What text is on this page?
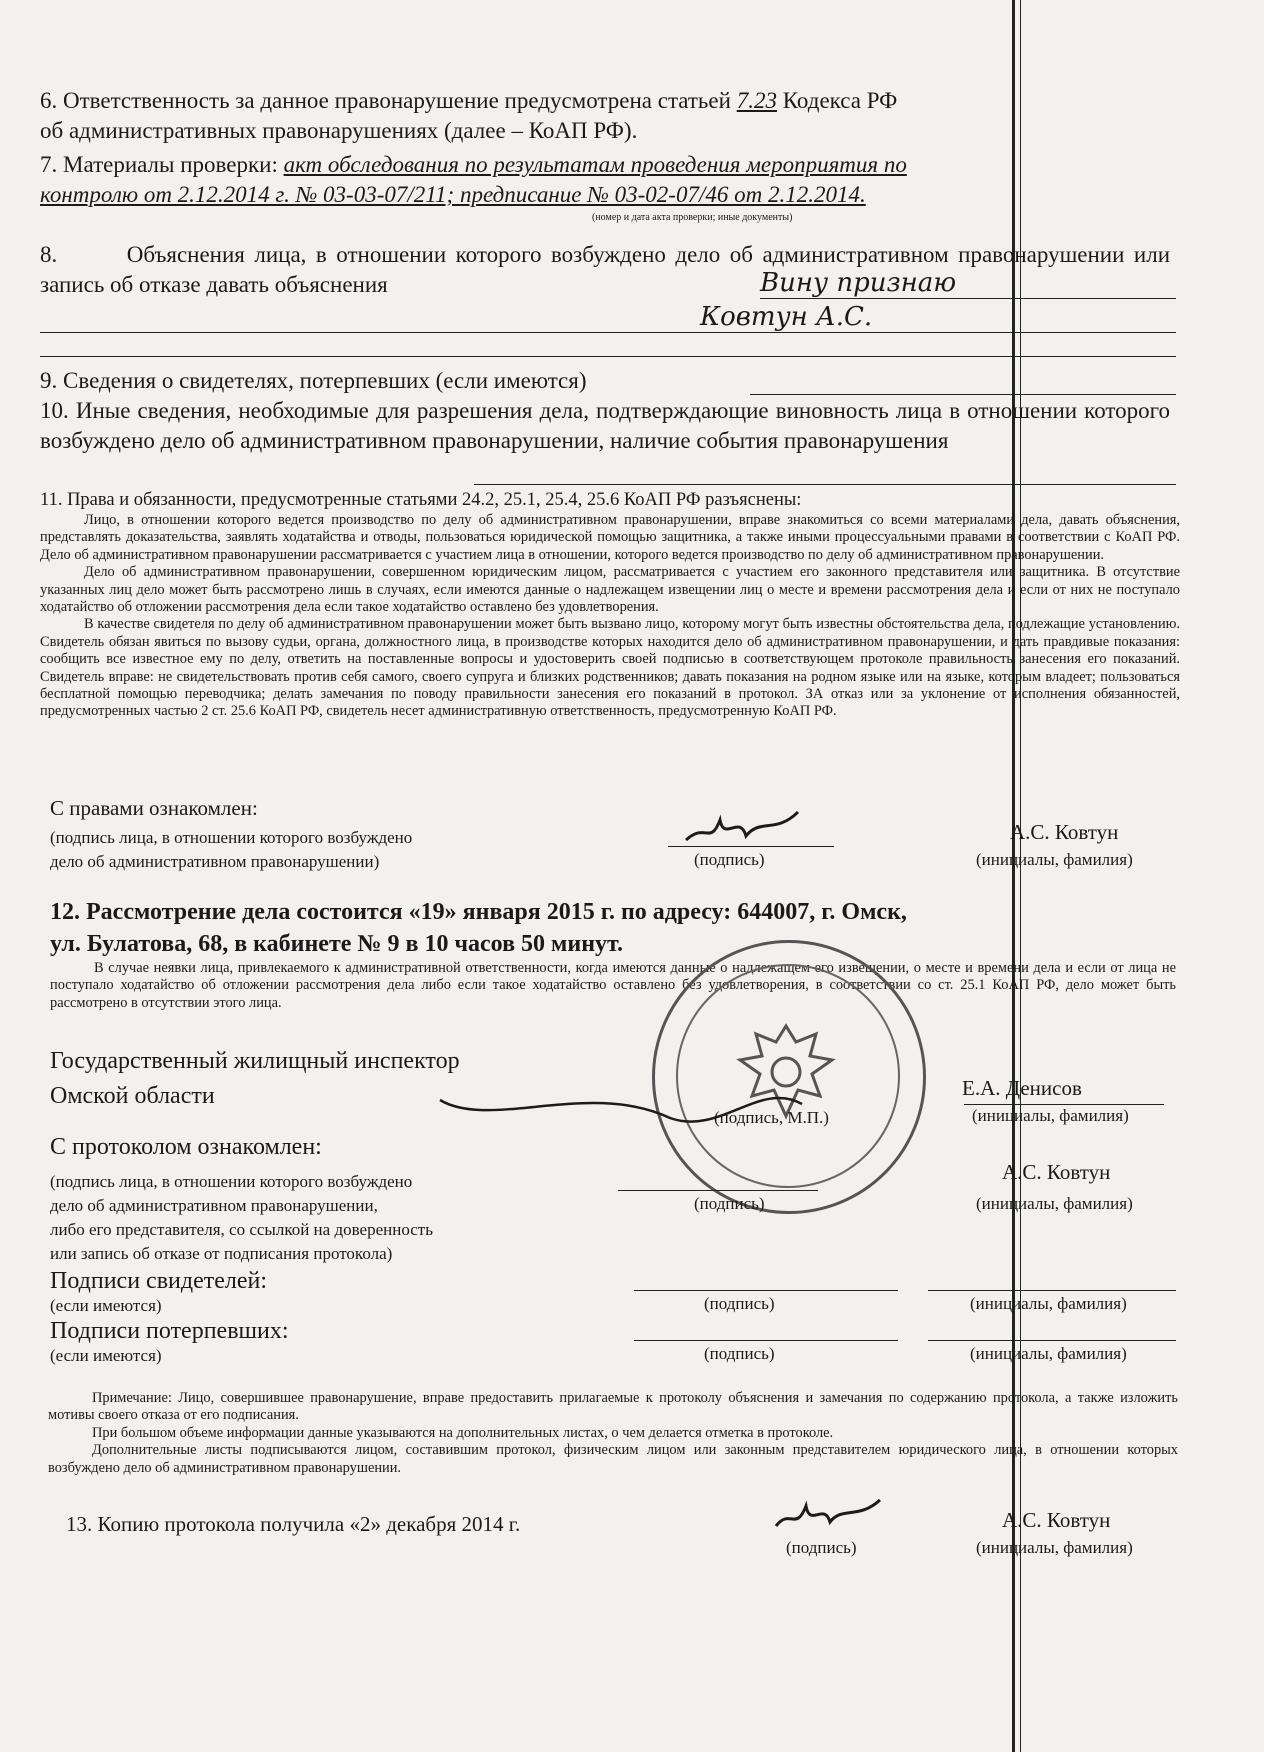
6. Ответственность за данное правонарушение предусмотрена статьей 7.23 Кодекса РФ
об административных правонарушениях (далее – КоАП РФ).
7. Материалы проверки: акт обследования по результатам проведения мероприятия по
контролю от 2.12.2014 г. № 03-03-07/211; предписание № 03-02-07/46 от 2.12.2014.
(номер и дата акта проверки; иные документы)
8.	Объяснения лица, в отношении которого возбуждено дело об административном правонарушении или запись об отказе давать объяснения	Вину признаю
Ковтун А.С.
9. Сведения о свидетелях, потерпевших (если имеются)
10. Иные сведения, необходимые для разрешения дела, подтверждающие виновность лица в отношении которого возбуждено дело об административном правонарушении, наличие события правонарушения
11. Права и обязанности, предусмотренные статьями 24.2, 25.1, 25.4, 25.6 КоАП РФ разъяснены:

Лицо, в отношении которого ведется производство по делу об административном правонарушении, вправе знакомиться со всеми материалами дела, давать объяснения, представлять доказательства, заявлять ходатайства и отводы, пользоваться юридической помощью защитника, а также иными процессуальными правами в соответствии с КоАП РФ. Дело об административном правонарушении рассматривается с участием лица в отношении, которого ведется производство по делу об административном правонарушении.

Дело об административном правонарушении, совершенном юридическим лицом, рассматривается с участием его законного представителя или защитника. В отсутствие указанных лиц дело может быть рассмотрено лишь в случаях, если имеются данные о надлежащем извещении лиц о месте и времени рассмотрения дела и если от них не поступало ходатайство об отложении рассмотрения дела если такое ходатайство оставлено без удовлетворения.

В качестве свидетеля по делу об административном правонарушении может быть вызвано лицо, которому могут быть известны обстоятельства дела, подлежащие установлению. Свидетель обязан явиться по вызову судьи, органа, должностного лица, в производстве которых находится дело об административном правонарушении, и дать правдивые показания: сообщить все известное ему по делу, ответить на поставленные вопросы и удостоверить своей подписью в соответствующем протоколе правильность занесения его показаний. Свидетель вправе: не свидетельствовать против себя самого, своего супруга и близких родственников; давать показания на родном языке или на языке, которым владеет; пользоваться бесплатной помощью переводчика; делать замечания по поводу правильности занесения его показаний в протокол. ЗА отказ или за уклонение от исполнения обязанностей, предусмотренных частью 2 ст. 25.6 КоАП РФ, свидетель несет административную ответственность, предусмотренную КоАП РФ.

С правами ознакомлен:
(подпись лица, в отношении которого возбуждено
дело об административном правонарушении)	(подпись)
А.С. Ковтун
(инициалы, фамилия)
12. Рассмотрение дела состоится «19» января 2015 г. по адресу: 644007, г. Омск,
ул. Булатова, 68, в кабинете № 9 в 10 часов 50 минут.

В случае неявки лица, привлекаемого к административной ответственности, когда имеются данные о надлежащем его извещении, о месте и времени дела и если от лица не поступало ходатайство об отложении рассмотрения дела либо если такое ходатайство оставлено без удовлетворения, в соответствии со ст. 25.1 КоАП РФ, дело может быть рассмотрено в отсутствии этого лица.

Государственный жилищный инспектор
Омской области
(подпись, М.П.)
Е.А. Денисов
(инициалы, фамилия)
С протоколом ознакомлен:
(подпись лица, в отношении которого возбуждено
дело об административном правонарушении,
либо его представителя, со ссылкой на доверенность
или запись об отказе от подписания протокола)
(подпись)
А.С. Ковтун
(инициалы, фамилия)
Подписи свидетелей:
(если имеются)	(подпись)	(инициалы, фамилия)
Подписи потерпевших:
(если имеются)	(подпись)	(инициалы, фамилия)

Примечание: Лицо, совершившее правонарушение, вправе предоставить прилагаемые к протоколу объяснения и замечания по содержанию протокола, а также изложить мотивы своего отказа от его подписания.

При большом объеме информации данные указываются на дополнительных листах, о чем делается отметка в протоколе.

Дополнительные листы подписываются лицом, составившим протокол, физическим лицом или законным представителем юридического лица, в отношении которых возбуждено дело об административном правонарушении.

13. Копию протокола получила «2» декабря 2014 г.
(подпись)
А.С. Ковтун
(инициалы, фамилия)
